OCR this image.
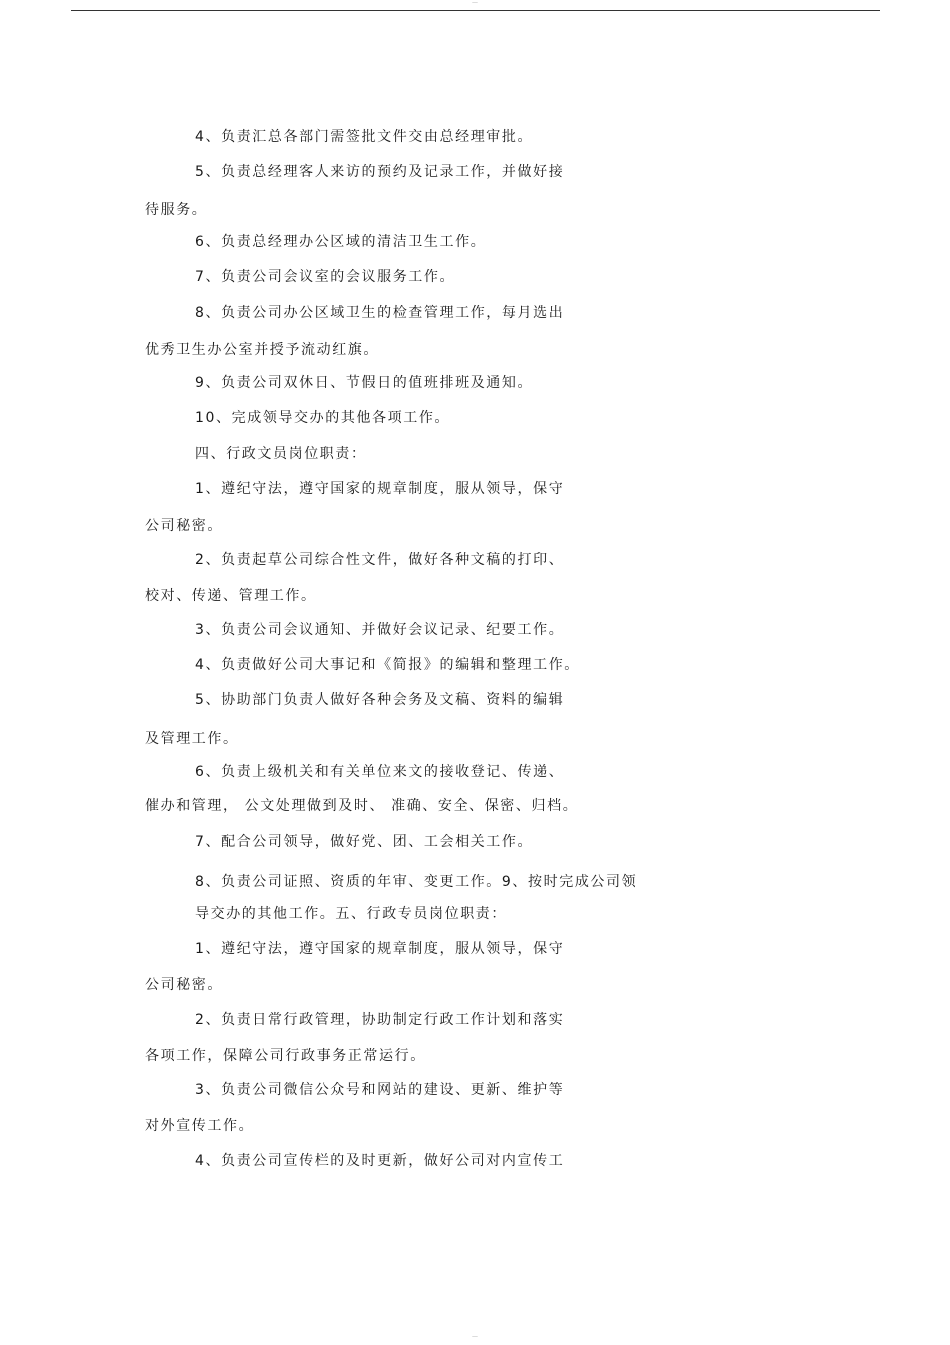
—
4、负责汇总各部门需签批文件交由总经理审批。
5、负责总经理客人来访的预约及记录工作，并做好接
待服务。
6、负责总经理办公区域的清洁卫生工作。
7、负责公司会议室的会议服务工作。
8、负责公司办公区域卫生的检查管理工作，每月选出
优秀卫生办公室并授予流动红旗。
9、负责公司双休日、节假日的值班排班及通知。
10、完成领导交办的其他各项工作。
四、行政文员岗位职责：
1、遵纪守法，遵守国家的规章制度，服从领导，保守
公司秘密。
2、负责起草公司综合性文件，做好各种文稿的打印、
校对、传递、管理工作。
3、负责公司会议通知、并做好会议记录、纪要工作。
4、负责做好公司大事记和《简报》的编辑和整理工作。
5、协助部门负责人做好各种会务及文稿、资料的编辑
及管理工作。
6、负责上级机关和有关单位来文的接收登记、传递、
催办和管理， 公文处理做到及时、 准确、安全、保密、归档。
7、配合公司领导，做好党、团、工会相关工作。
8、负责公司证照、资质的年审、变更工作。9、按时完成公司领
导交办的其他工作。五、行政专员岗位职责：
1、遵纪守法，遵守国家的规章制度，服从领导，保守
公司秘密。
2、负责日常行政管理，协助制定行政工作计划和落实
各项工作，保障公司行政事务正常运行。
3、负责公司微信公众号和网站的建设、更新、维护等
对外宣传工作。
4、负责公司宣传栏的及时更新，做好公司对内宣传工
—
